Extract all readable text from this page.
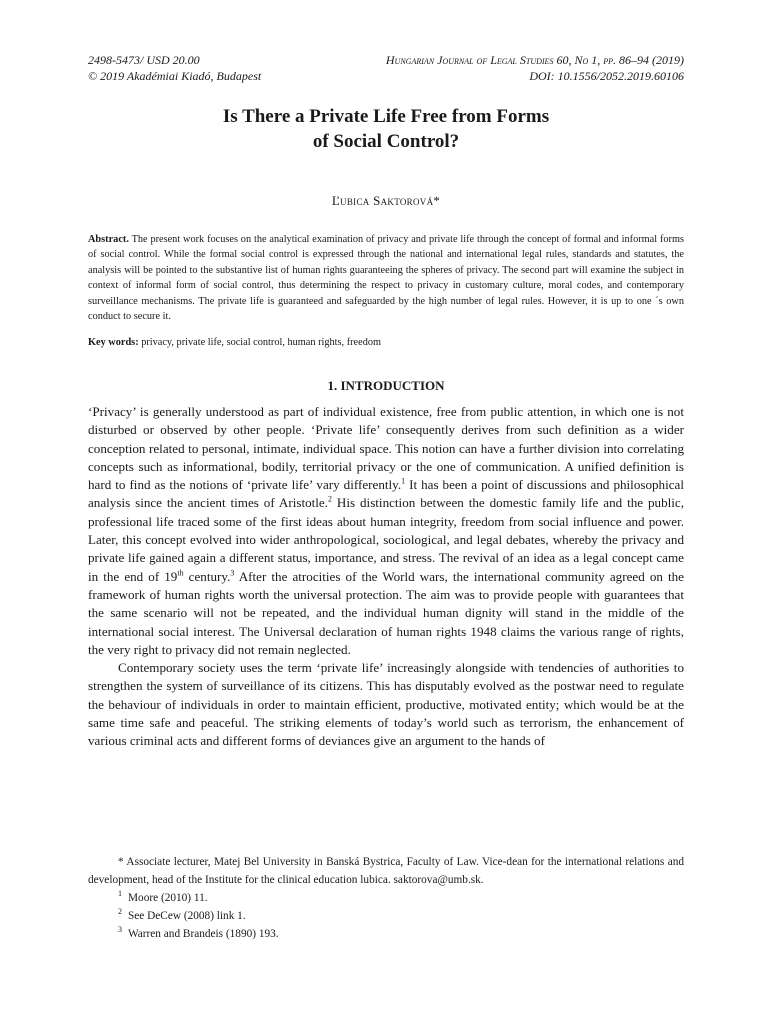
2498-5473/ USD 20.00
© 2019 Akadémiai Kiadó, Budapest
Hungarian Journal of Legal Studies 60, No 1, pp. 86–94 (2019)
DOI: 10.1556/2052.2019.60106
Is There a Private Life Free from Forms
of Social Control?
Ľubica Saktorová*

Abstract. The present work focuses on the analytical examination of privacy and private life through the concept of formal and informal forms of social control. While the formal social control is expressed through the national and international legal rules, standards and statutes, the analysis will be pointed to the substantive list of human rights guaranteeing the spheres of privacy. The second part will examine the subject in context of informal form of social control, thus determining the respect to privacy in customary culture, moral codes, and contemporary surveillance mechanisms. The private life is guaranteed and safeguarded by the high number of legal rules. However, it is up to one ´s own conduct to secure it.

Key words: privacy, private life, social control, human rights, freedom

1. INTRODUCTION

‘Privacy’ is generally understood as part of individual existence, free from public attention, in which one is not disturbed or observed by other people. ‘Private life’ consequently derives from such definition as a wider conception related to personal, intimate, individual space. This notion can have a further division into correlating concepts such as informational, bodily, territorial privacy or the one of communication. A unified definition is hard to find as the notions of ‘private life’ vary differently.$^1$ It has been a point of discussions and philosophical analysis since the ancient times of Aristotle.$^2$ His distinction between the domestic family life and the public, professional life traced some of the first ideas about human integrity, freedom from social influence and power. Later, this concept evolved into wider anthropological, sociological, and legal debates, whereby the privacy and private life gained again a different status, importance, and stress. The revival of an idea as a legal concept came in the end of 19th century.$^3$ After the atrocities of the World wars, the international community agreed on the framework of human rights worth the universal protection. The aim was to provide people with guarantees that the same scenario will not be repeated, and the individual human dignity will stand in the middle of the international social interest. The Universal declaration of human rights 1948 claims the various range of rights, the very right to privacy did not remain neglected.

Contemporary society uses the term ‘private life’ increasingly alongside with tendencies of authorities to strengthen the system of surveillance of its citizens. This has disputably evolved as the postwar need to regulate the behaviour of individuals in order to maintain efficient, productive, motivated entity; which would be at the same time safe and peaceful. The striking elements of today’s world such as terrorism, the enhancement of various criminal acts and different forms of deviances give an argument to the hands of

* Associate lecturer, Matej Bel University in Banská Bystrica, Faculty of Law. Vice-dean for the international relations and development, head of the Institute for the clinical education lubica. saktorova@umb.sk.

$^1$ Moore (2010) 11.

$^2$ See DeCew (2008) link 1.

$^3$ Warren and Brandeis (1890) 193.
